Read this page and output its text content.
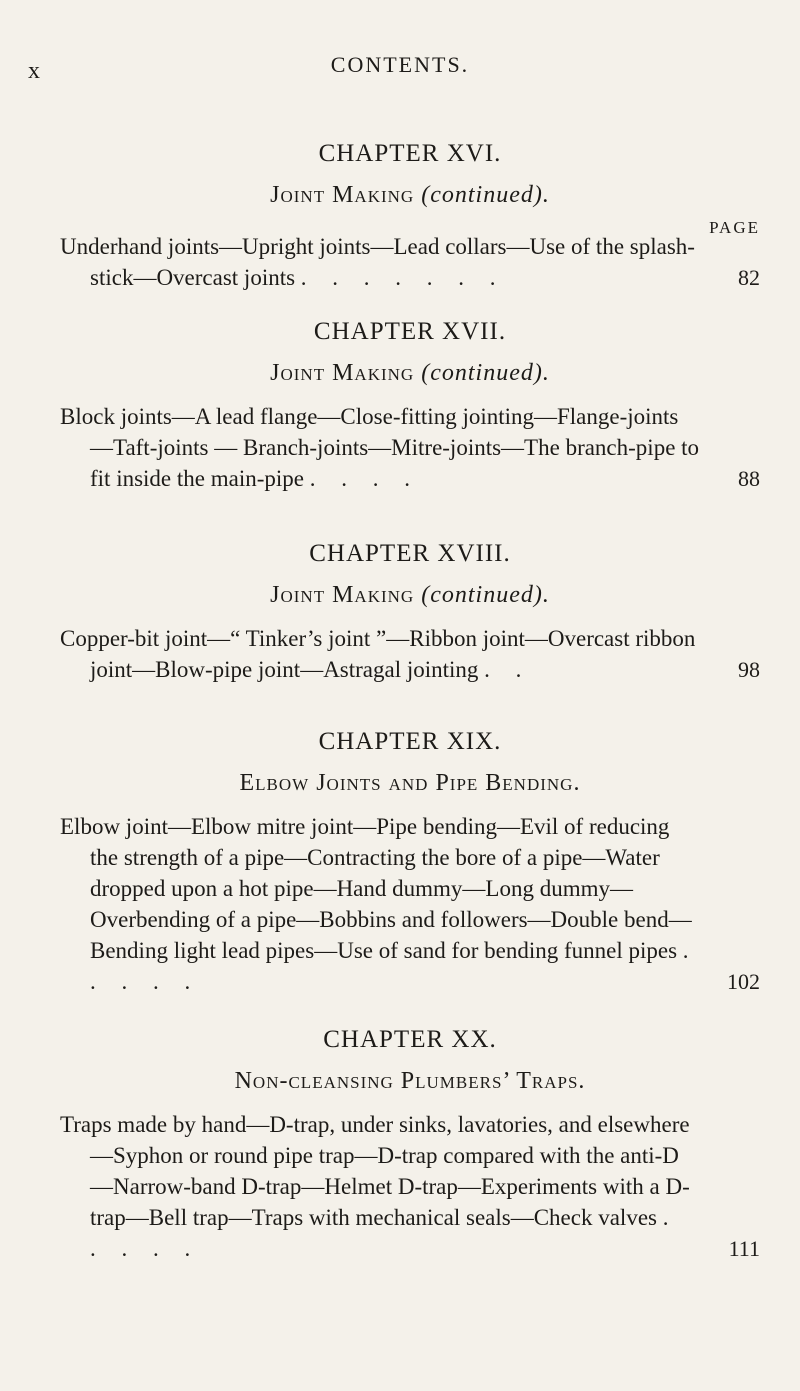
x	CONTENTS.
CHAPTER XVI.
Joint Making (continued).
PAGE
Underhand joints—Upright joints—Lead collars—Use of the splash-stick—Overcast joints . . . . . . .	82
CHAPTER XVII.
Joint Making (continued).
Block joints—A lead flange—Close-fitting jointing—Flange-joints—Taft-joints — Branch-joints—Mitre-joints—The branch-pipe to fit inside the main-pipe . . . .	88
CHAPTER XVIII.
Joint Making (continued).
Copper-bit joint—“ Tinker’s joint ”—Ribbon joint—Overcast ribbon joint—Blow-pipe joint—Astragal jointing . .	98
CHAPTER XIX.
Elbow Joints and Pipe Bending.
Elbow joint—Elbow mitre joint—Pipe bending—Evil of reducing the strength of a pipe—Contracting the bore of a pipe—Water dropped upon a hot pipe—Hand dummy—Long dummy—Overbending of a pipe—Bobbins and followers—Double bend—Bending light lead pipes—Use of sand for bending funnel pipes . . . . .	102
CHAPTER XX.
Non-cleansing Plumbers’ Traps.
Traps made by hand—D-trap, under sinks, lavatories, and elsewhere—Syphon or round pipe trap—D-trap compared with the anti-D—Narrow-band D-trap—Helmet D-trap—Experiments with a D-trap—Bell trap—Traps with mechanical seals—Check valves . . . . .	111
